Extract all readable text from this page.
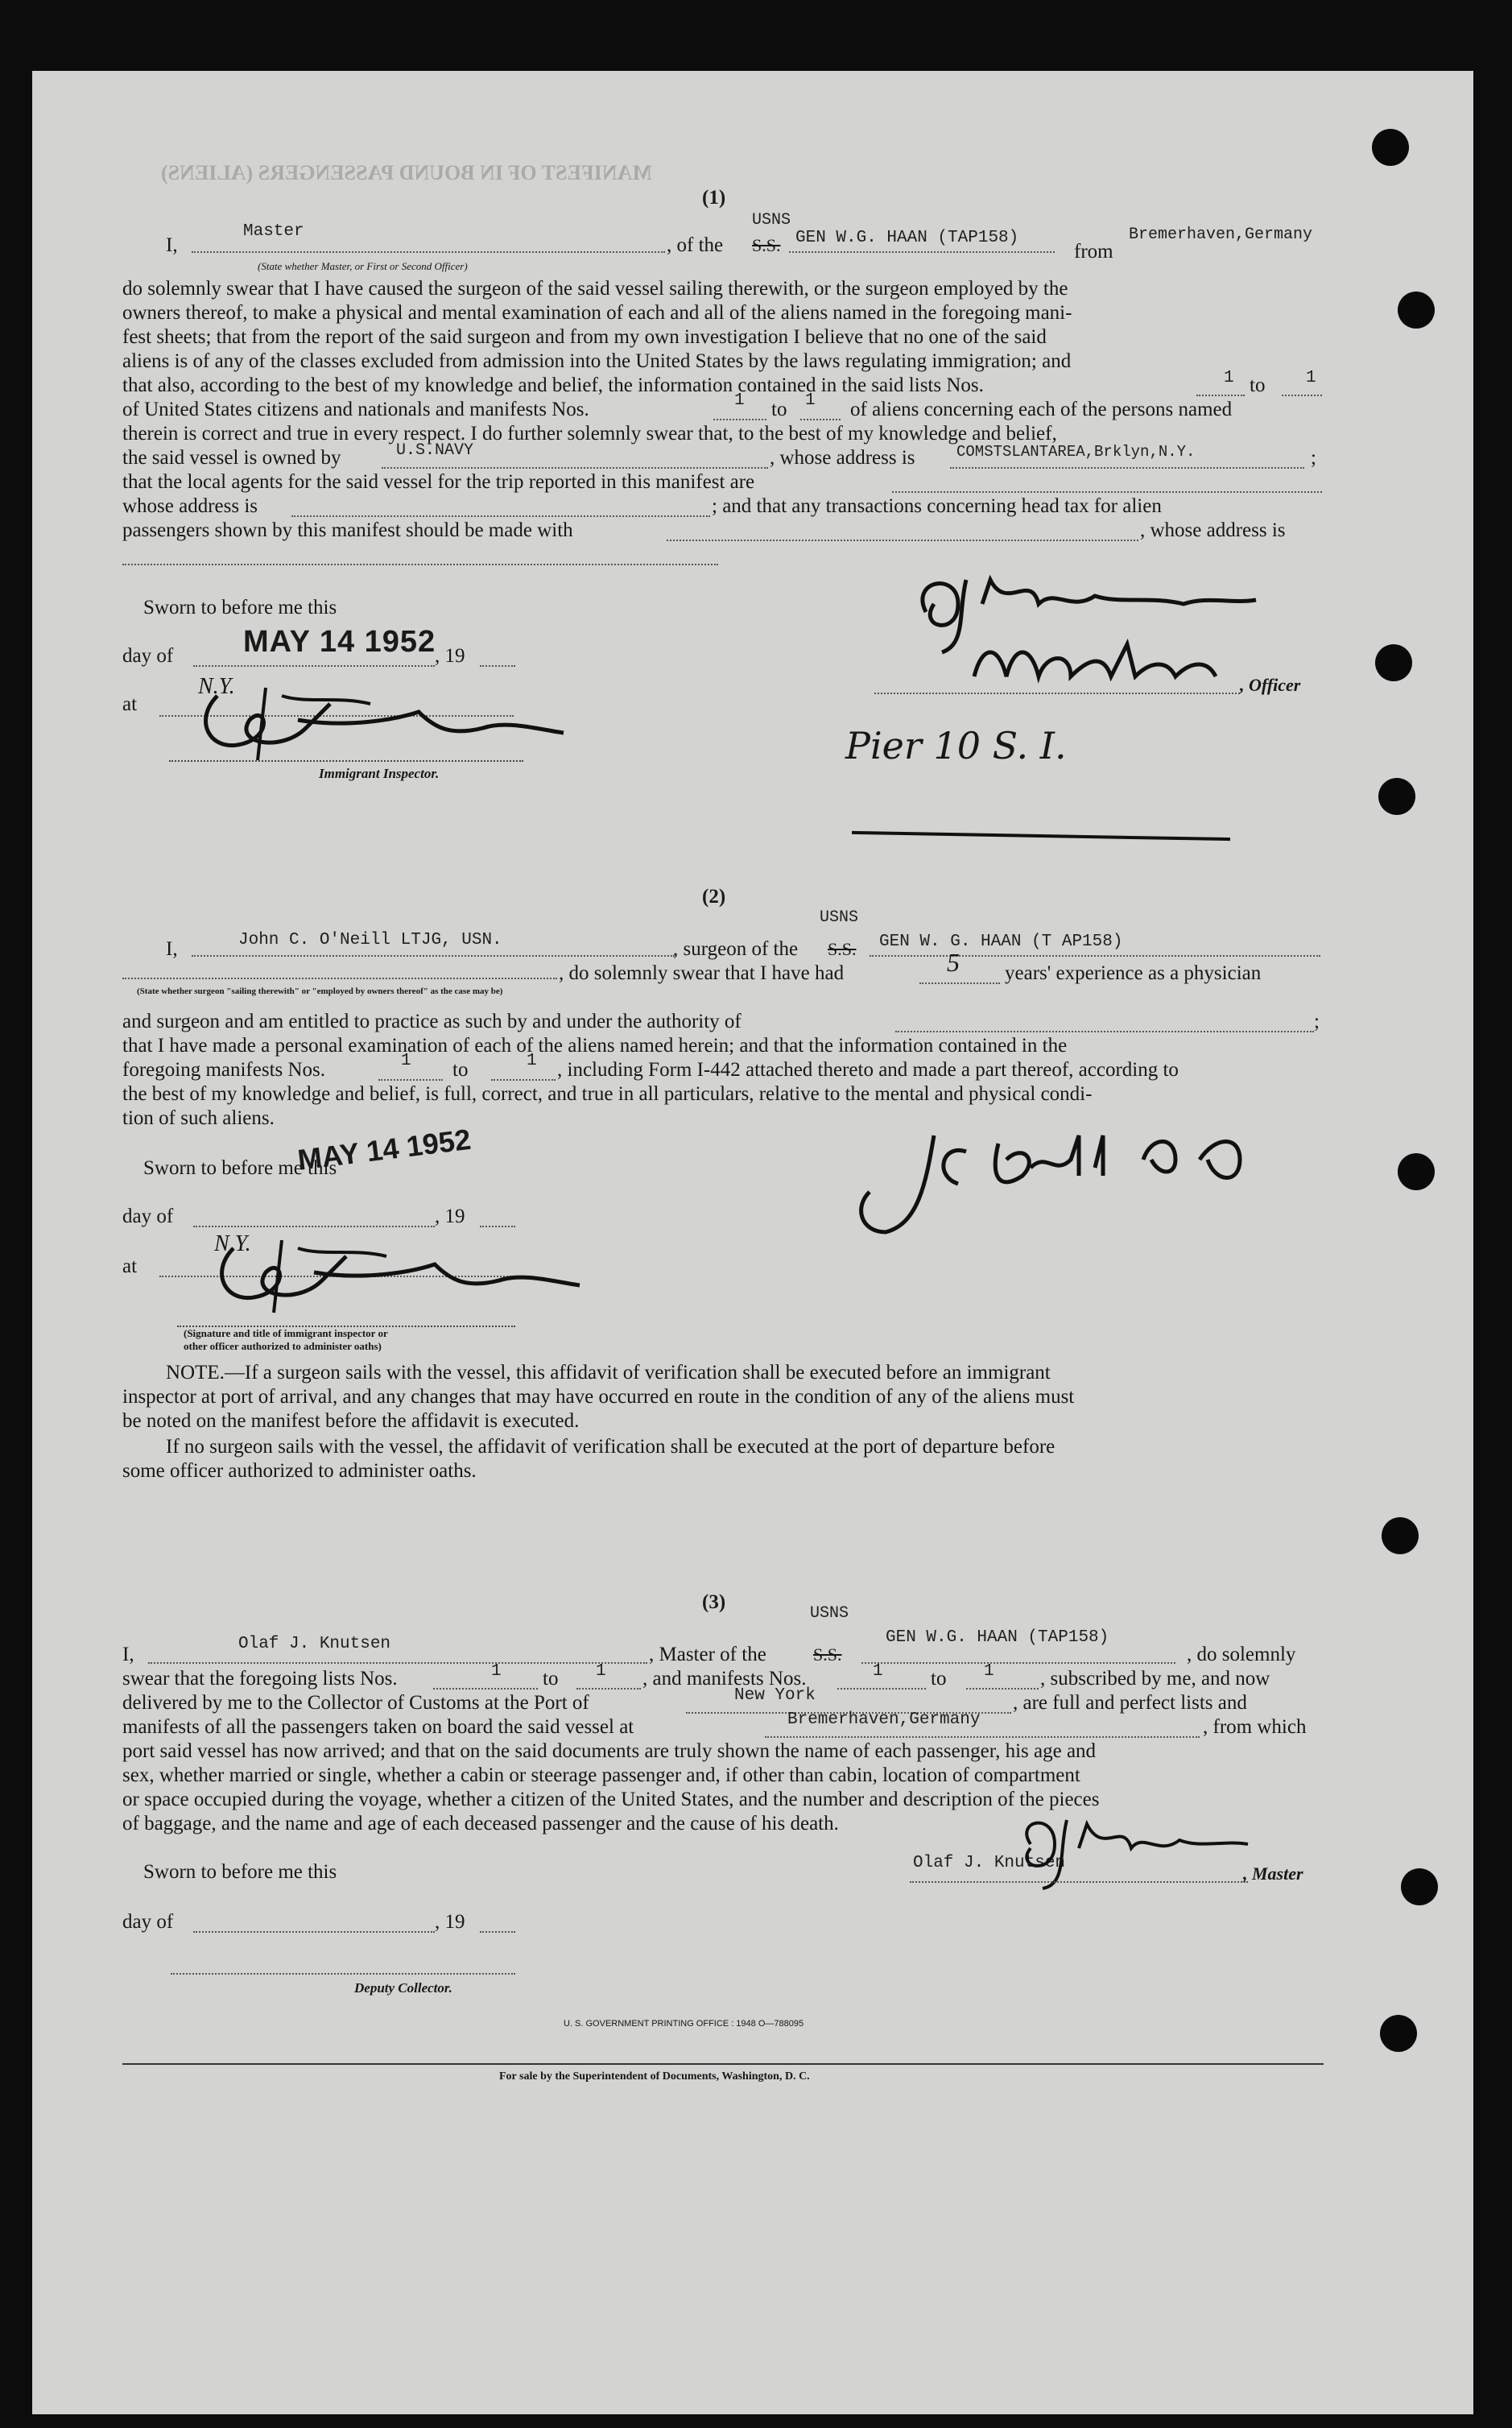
MANIFEST OF IN BOUND PASSENGERS (ALIENS)
(1)
I,
Master
(State whether Master, or First or Second Officer)
, of the
USNS
S.S. GEN W.G. HAAN (TAP158)
from
Bremerhaven,Germany
do solemnly swear that I have caused the surgeon of the said vessel sailing therewith, or the surgeon employed by the
owners thereof, to make a physical and mental examination of each and all of the aliens named in the foregoing mani-
fest sheets; that from the report of the said surgeon and from my own investigation I believe that no one of the said
aliens is of any of the classes excluded from admission into the United States by the laws regulating immigration; and
that also, according to the best of my knowledge and belief, the information contained in the said lists Nos.	1 to 1
of United States citizens and nationals and manifests Nos.	1 to 1 of aliens concerning each of the persons named
therein is correct and true in every respect. I do further solemnly swear that, to the best of my knowledge and belief,
the said vessel is owned by	U.S.NAVY	, whose address is	COMSTSLANTAREA,Brklyn,N.Y.	;
that the local agents for the said vessel for the trip reported in this manifest are
whose address is	; and that any transactions concerning head tax for alien
passengers shown by this manifest should be made with	, whose address is
Sworn to before me this
day of MAY 14 1952
, 19
at
N.Y.
Immigrant Inspector.
, Officer
Pier 10 S. I.
(2)
I,	John C. O'Neill LTJG, USN.	, surgeon of the
USNS
S.S. GEN W. G. HAAN (T AP158)
(State whether surgeon "sailing therewith" or "employed by owners thereof" as the case may be)
, do solemnly swear that I have had	5 years' experience as a physician
and surgeon and am entitled to practice as such by and under the authority of	;
that I have made a personal examination of each of the aliens named herein; and that the information contained in the
foregoing manifests Nos.	1 to	1 , including Form I-442 attached thereto and made a part thereof, according to
the best of my knowledge and belief, is full, correct, and true in all particulars, relative to the mental and physical condi-
tion of such aliens.
Sworn to before me this
MAY 14 1952
day of	, 19
at
N.Y.
(Signature and title of immigrant inspector or
other officer authorized to administer oaths)
NOTE.—If a surgeon sails with the vessel, this affidavit of verification shall be executed before an immigrant
inspector at port of arrival, and any changes that may have occurred en route in the condition of any of the aliens must
be noted on the manifest before the affidavit is executed.
If no surgeon sails with the vessel, the affidavit of verification shall be executed at the port of departure before
some officer authorized to administer oaths.
(3)
I,	Olaf J. Knutsen	, Master of the
USNS
S.S.
GEN W.G. HAAN (TAP158)
, do solemnly
swear that the foregoing lists Nos.	1 to 1 , and manifests Nos.	1 to 1 , subscribed by me, and now
delivered by me to the Collector of Customs at the Port of	New York	, are full and perfect lists and
manifests of all the passengers taken on board the said vessel at	Bremerhaven,Germany	, from which
port said vessel has now arrived; and that on the said documents are truly shown the name of each passenger, his age and
sex, whether married or single, whether a cabin or steerage passenger and, if other than cabin, location of compartment
or space occupied during the voyage, whether a citizen of the United States, and the number and description of the pieces
of baggage, and the name and age of each deceased passenger and the cause of his death.
Sworn to before me this	Olaf J. Knutsen
, Master
day of	, 19
Deputy Collector.
U. S. GOVERNMENT PRINTING OFFICE : 1948 O—788095
For sale by the Superintendent of Documents, Washington, D. C.
